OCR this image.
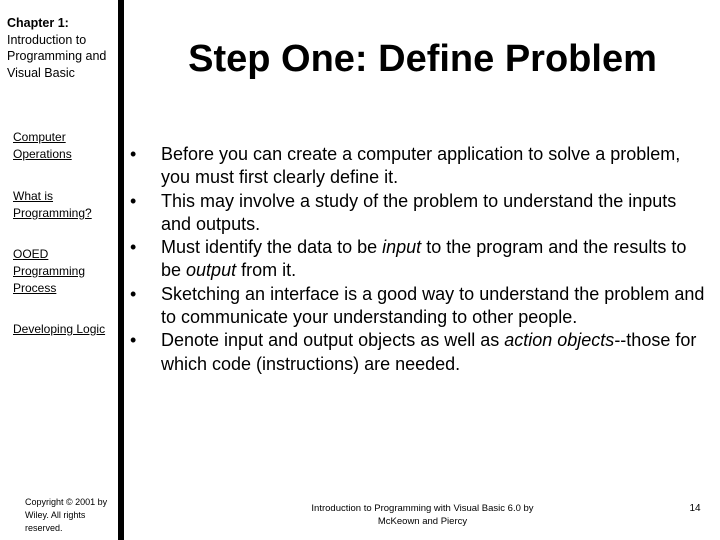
Chapter 1:
Introduction to Programming and Visual Basic
Computer Operations
What is Programming?
OOED Programming Process
Developing Logic
Copyright © 2001 by Wiley. All rights reserved.
Step One: Define Problem
• Before you can create a computer application to solve a problem, you must first clearly define it.
• This may involve a study of the problem to understand the inputs and outputs.
• Must identify the data to be input to the program and the results to be output from it.
• Sketching an interface is a good way to understand the problem and to communicate your understanding to other people.
• Denote input and output objects as well as action objects--those for which code (instructions) are needed.
Introduction to Programming with Visual Basic 6.0 by McKeown and Piercy
14
